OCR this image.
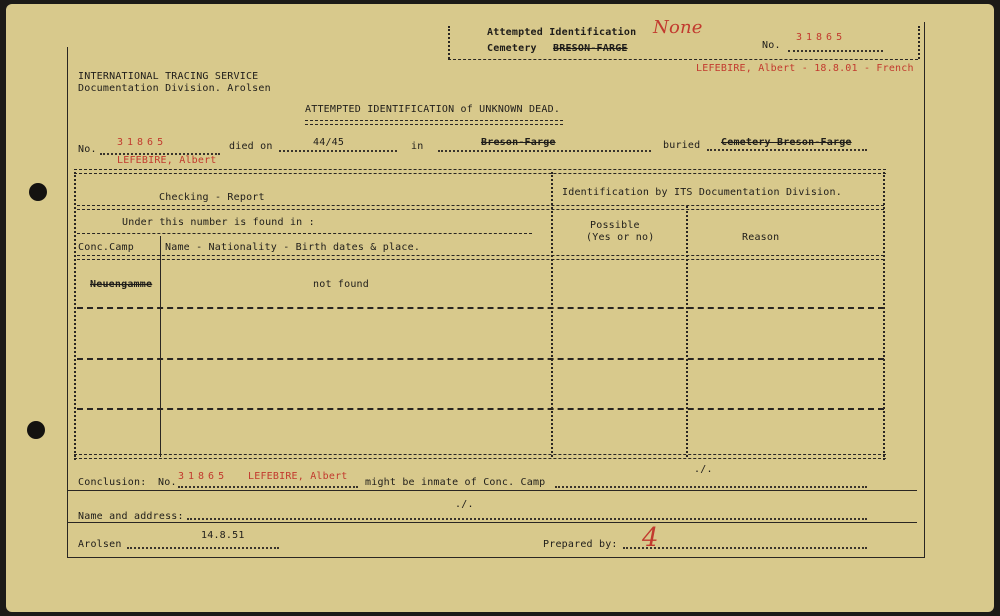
Attempted Identification
Cemetery BRESON-FARGE
None
No.
31865
LEFEBIRE, Albert - 18.8.01 - French
INTERNATIONAL TRACING SERVICE
Documentation Division. Arolsen
ATTEMPTED IDENTIFICATION of UNKNOWN DEAD.
No.
31865	died on	44/45	in	Breson-Farge	buried Cemetery Breson-Farge
LEFEBIRE, Albert
Checking - Report	Identification by ITS Documentation Division.
Under this number is found in :
Conc.Camp	Name - Nationality - Birth dates & place.
Possible
(Yes or no)	Reason
Neuengamme	not found
./.
Conclusion: No.
31865 LEFEBIRE, Albert
might be inmate of Conc. Camp
./.
Name and address:
14.8.51
Arolsen	Prepared by: 4
